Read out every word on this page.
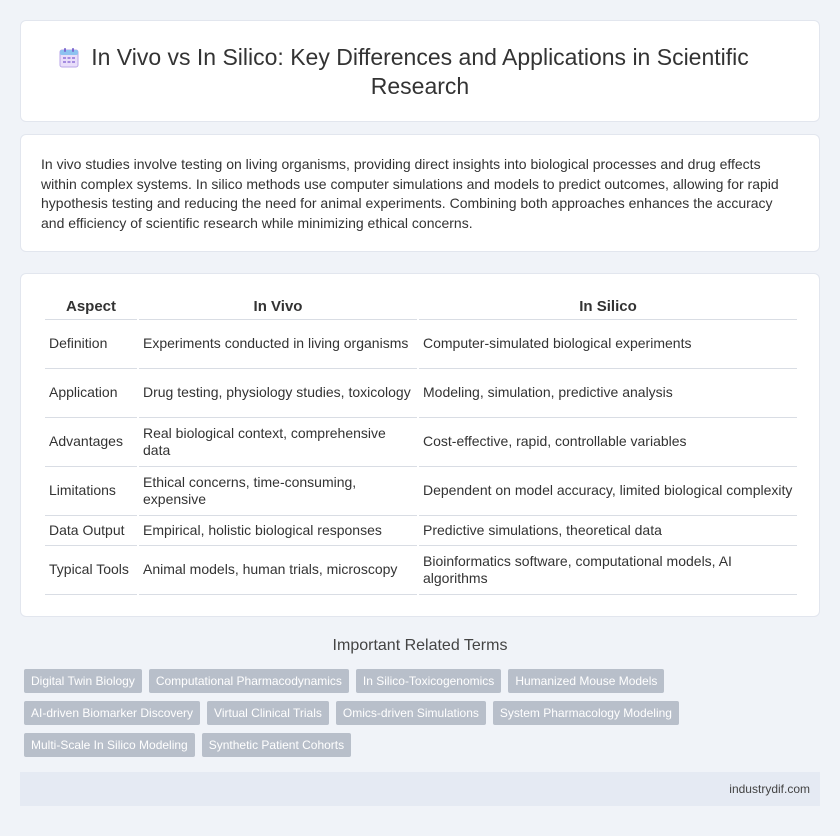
In Vivo vs In Silico: Key Differences and Applications in Scientific Research

In vivo studies involve testing on living organisms, providing direct insights into biological processes and drug effects within complex systems. In silico methods use computer simulations and models to predict outcomes, allowing for rapid hypothesis testing and reducing the need for animal experiments. Combining both approaches enhances the accuracy and efficiency of scientific research while minimizing ethical concerns.

Aspect	In Vivo	In Silico
Definition	Experiments conducted in living organisms	Computer-simulated biological experiments
Application	Drug testing, physiology studies, toxicology	Modeling, simulation, predictive analysis
Advantages	Real biological context, comprehensive data	Cost-effective, rapid, controllable variables
Limitations	Ethical concerns, time-consuming, expensive	Dependent on model accuracy, limited biological complexity
Data Output	Empirical, holistic biological responses	Predictive simulations, theoretical data
Typical Tools	Animal models, human trials, microscopy	Bioinformatics software, computational models, AI algorithms
Important Related Terms
Digital Twin Biology	Computational Pharmacodynamics	In Silico-Toxicogenomics	Humanized Mouse Models
AI-driven Biomarker Discovery	Virtual Clinical Trials	Omics-driven Simulations	System Pharmacology Modeling
Multi-Scale In Silico Modeling	Synthetic Patient Cohorts
industrydif.com
